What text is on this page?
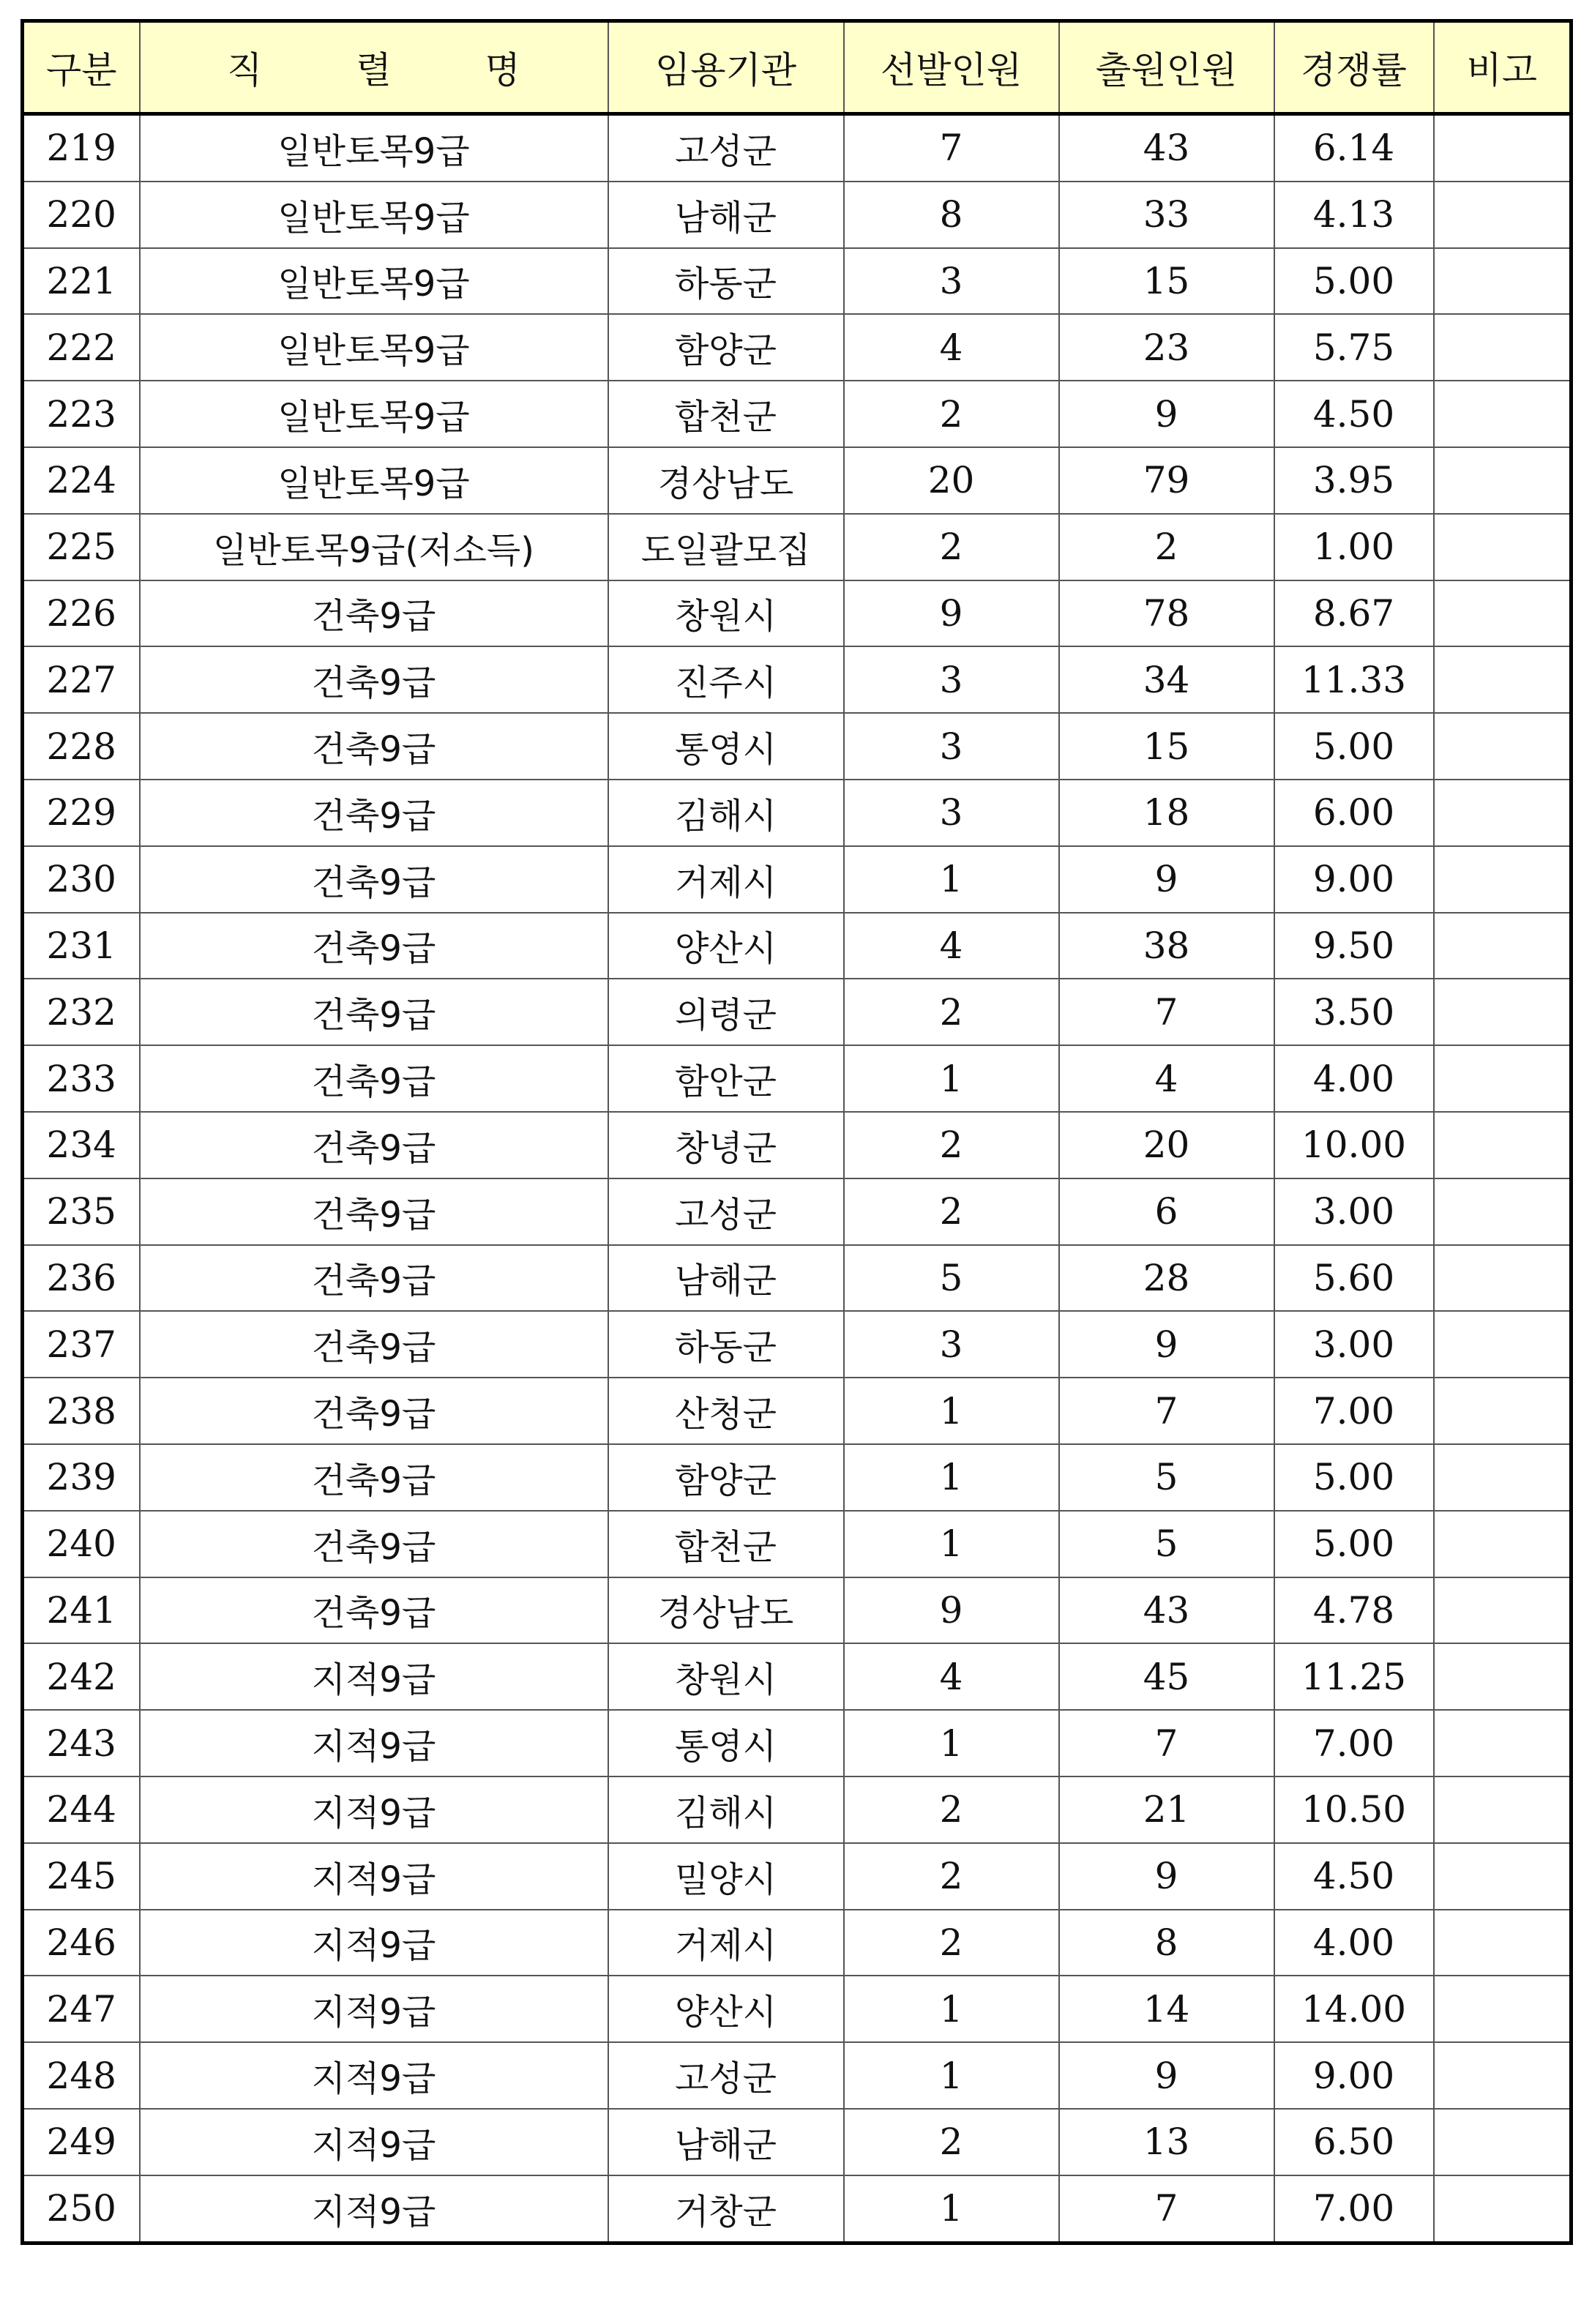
구분	직 렬 명	임용기관	선발인원	출원인원	경쟁률	비고
219	일반토목9급	고성군	7	43	6.14	
220	일반토목9급	남해군	8	33	4.13	
221	일반토목9급	하동군	3	15	5.00	
222	일반토목9급	함양군	4	23	5.75	
223	일반토목9급	합천군	2	9	4.50	
224	일반토목9급	경상남도	20	79	3.95	
225	일반토목9급(저소득)	도일괄모집	2	2	1.00	
226	건축9급	창원시	9	78	8.67	
227	건축9급	진주시	3	34	11.33	
228	건축9급	통영시	3	15	5.00	
229	건축9급	김해시	3	18	6.00	
230	건축9급	거제시	1	9	9.00	
231	건축9급	양산시	4	38	9.50	
232	건축9급	의령군	2	7	3.50	
233	건축9급	함안군	1	4	4.00	
234	건축9급	창녕군	2	20	10.00	
235	건축9급	고성군	2	6	3.00	
236	건축9급	남해군	5	28	5.60	
237	건축9급	하동군	3	9	3.00	
238	건축9급	산청군	1	7	7.00	
239	건축9급	함양군	1	5	5.00	
240	건축9급	합천군	1	5	5.00	
241	건축9급	경상남도	9	43	4.78	
242	지적9급	창원시	4	45	11.25	
243	지적9급	통영시	1	7	7.00	
244	지적9급	김해시	2	21	10.50	
245	지적9급	밀양시	2	9	4.50	
246	지적9급	거제시	2	8	4.00	
247	지적9급	양산시	1	14	14.00	
248	지적9급	고성군	1	9	9.00	
249	지적9급	남해군	2	13	6.50	
250	지적9급	거창군	1	7	7.00	
